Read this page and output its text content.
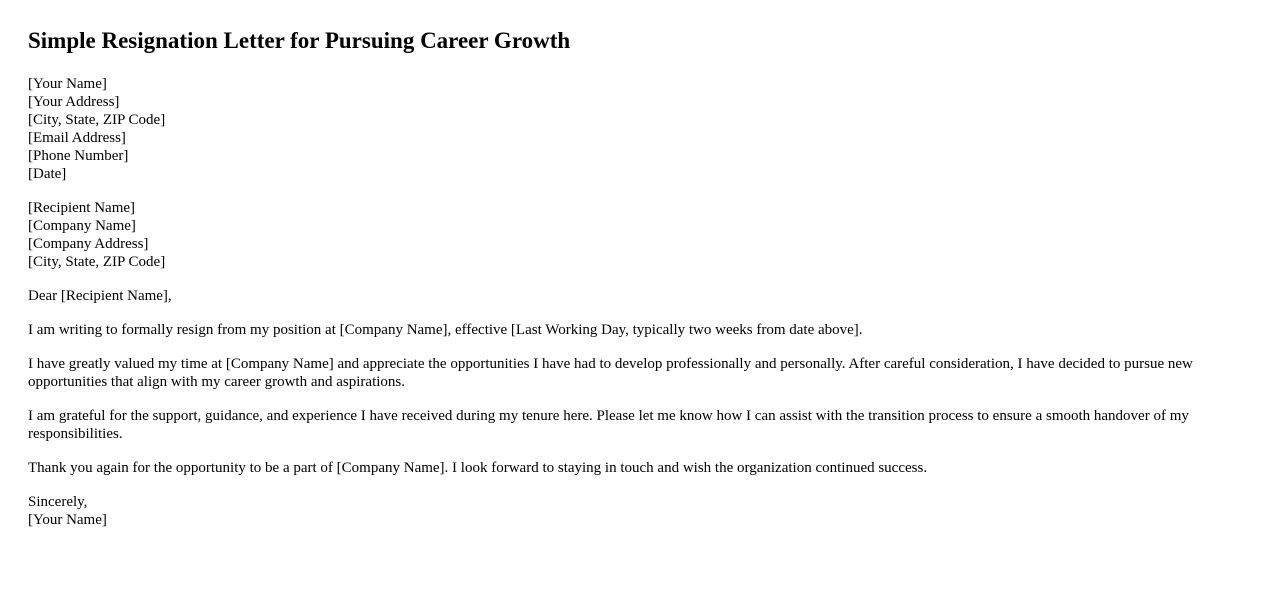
Simple Resignation Letter for Pursuing Career Growth
[Your Name]
[Your Address]
[City, State, ZIP Code]
[Email Address]
[Phone Number]
[Date]
[Recipient Name]
[Company Name]
[Company Address]
[City, State, ZIP Code]

Dear [Recipient Name],

I am writing to formally resign from my position at [Company Name], effective [Last Working Day, typically two weeks from date above].

I have greatly valued my time at [Company Name] and appreciate the opportunities I have had to develop professionally and personally. After careful consideration, I have decided to pursue new opportunities that align with my career growth and aspirations.

I am grateful for the support, guidance, and experience I have received during my tenure here. Please let me know how I can assist with the transition process to ensure a smooth handover of my responsibilities.

Thank you again for the opportunity to be a part of [Company Name]. I look forward to staying in touch and wish the organization continued success.

Sincerely,
[Your Name]
